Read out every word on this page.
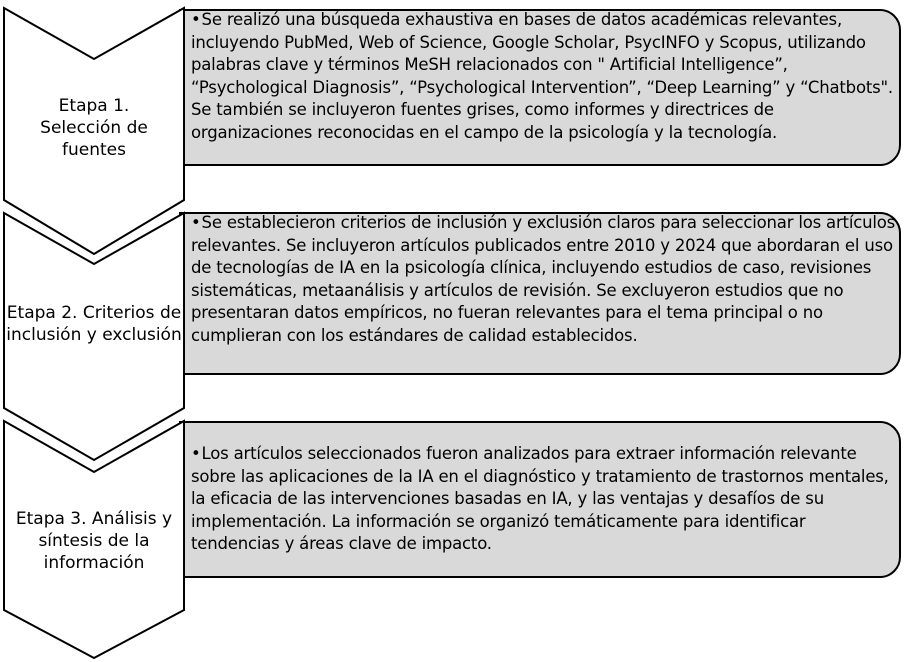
Etapa 1. Selección de fuentes
•Se realizó una búsqueda exhaustiva en bases de datos académicas relevantes, incluyendo PubMed, Web of Science, Google Scholar, PsycINFO y Scopus, utilizando palabras clave y términos MeSH relacionados con " Artificial Intelligence”, “Psychological Diagnosis”, “Psychological Intervention”, “Deep Learning” y “Chatbots". Se también se incluyeron fuentes grises, como informes y directrices de organizaciones reconocidas en el campo de la psicología y la tecnología.
Etapa 2. Criterios de inclusión y exclusión
•Se establecieron criterios de inclusión y exclusión claros para seleccionar los artículos relevantes. Se incluyeron artículos publicados entre 2010 y 2024 que abordaran el uso de tecnologías de IA en la psicología clínica, incluyendo estudios de caso, revisiones sistemáticas, metaanálisis y artículos de revisión. Se excluyeron estudios que no presentaran datos empíricos, no fueran relevantes para el tema principal o no cumplieran con los estándares de calidad establecidos.
Etapa 3. Análisis y síntesis de la información
•Los artículos seleccionados fueron analizados para extraer información relevante sobre las aplicaciones de la IA en el diagnóstico y tratamiento de trastornos mentales, la eficacia de las intervenciones basadas en IA, y las ventajas y desafíos de su implementación. La información se organizó temáticamente para identificar tendencias y áreas clave de impacto.
